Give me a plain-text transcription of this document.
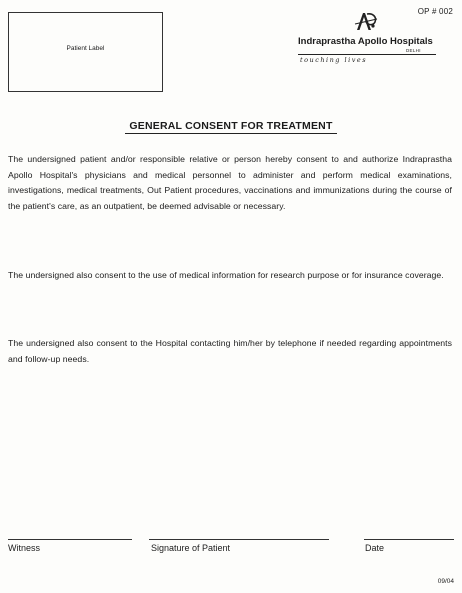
OP # 002
Patient Label
Indraprastha Apollo Hospitals
DELHI
touching lives
GENERAL CONSENT FOR TREATMENT

The undersigned patient and/or responsible relative or person hereby consent to and authorize Indraprastha Apollo Hospital's physicians and medical personnel to administer and perform medical examinations, investigations, medical treatments, Out Patient procedures, vaccinations and immunizations during the course of the patient's care, as an outpatient, be deemed advisable or necessary.

The undersigned also consent to the use of medical information for research purpose or for insurance coverage.

The undersigned also consent to the Hospital contacting him/her by telephone if needed regarding appointments and follow-up needs.

Witness	Signature of Patient	Date
09/04
